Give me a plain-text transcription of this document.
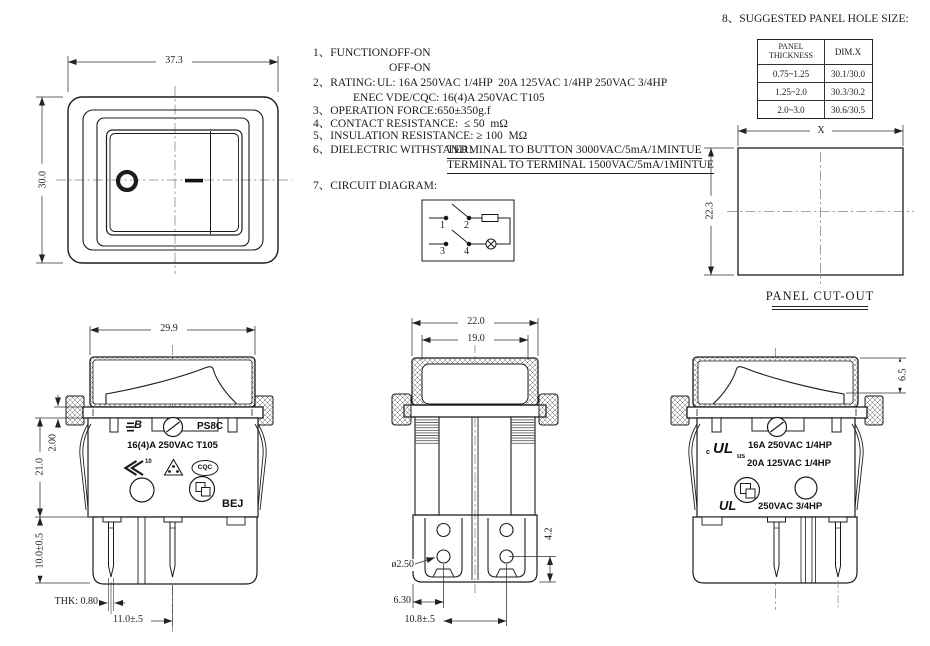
1、FUNCTION:
OFF-ON
OFF-ON
2、RATING: UL: 16A 250VAC 1/4HP  20A 125VAC 1/4HP 250VAC 3/4HP
ENEC VDE/CQC: 16(4)A 250VAC T105
3、OPERATION FORCE:650±350g.f
4、CONTACT RESISTANCE:  ≤ 50  mΩ
5、INSULATION RESISTANCE: ≥ 100  MΩ
6、DIELECTRIC WITHSTAND :
TERMINAL TO BUTTON 3000VAC/5mA/1MINTUE
TERMINAL TO TERMINAL 1500VAC/5mA/1MINTUE
7、CIRCUIT DIAGRAM:
1 2
3 4
8、SUGGESTED PANEL HOLE SIZE:
PANEL
THICKNESS	DIM.X
0.75~1.25	30.1/30.0
1.25~2.0	30.3/30.2
2.0~3.0	30.6/30.5
X
22.3
PANEL CUT-OUT
37.3
30.0
29.9
2.00
21.0
10.0±0.5
THK: 0.80
11.0±.5
B	PS8C
16(4)A 250VAC T105
10
CQC
BEJ
22.0
19.0
ø2.50
4.2
6.30
10.8±.5
6.5
c UL us
16A 250VAC 1/4HP
20A 125VAC 1/4HP
UL 250VAC 3/4HP
